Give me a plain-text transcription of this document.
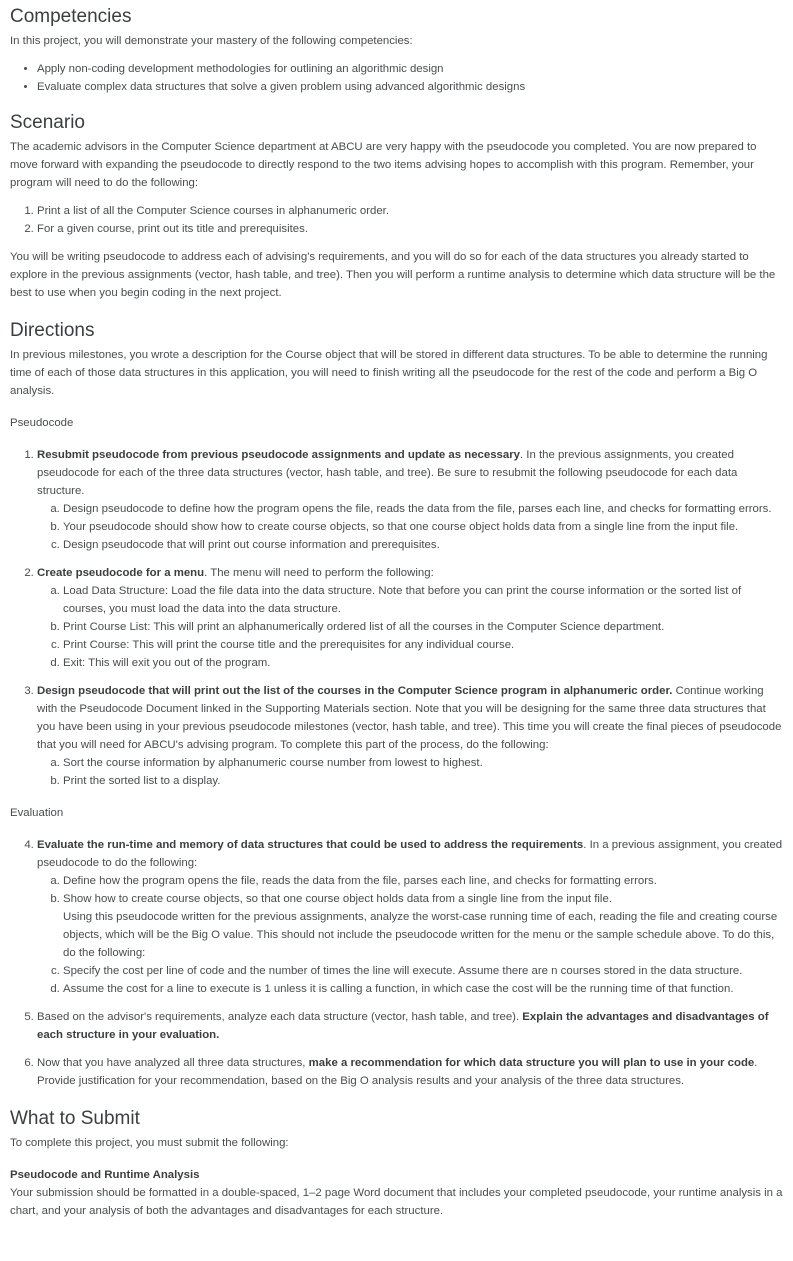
Competencies

In this project, you will demonstrate your mastery of the following competencies:

• Apply non-coding development methodologies for outlining an algorithmic design
• Evaluate complex data structures that solve a given problem using advanced algorithmic designs
Scenario

The academic advisors in the Computer Science department at ABCU are very happy with the pseudocode you completed. You are now prepared to move forward with expanding the pseudocode to directly respond to the two items advising hopes to accomplish with this program. Remember, your program will need to do the following:

1. Print a list of all the Computer Science courses in alphanumeric order.
2. For a given course, print out its title and prerequisites.

You will be writing pseudocode to address each of advising's requirements, and you will do so for each of the data structures you already started to explore in the previous assignments (vector, hash table, and tree). Then you will perform a runtime analysis to determine which data structure will be the best to use when you begin coding in the next project.

Directions

In previous milestones, you wrote a description for the Course object that will be stored in different data structures. To be able to determine the running time of each of those data structures in this application, you will need to finish writing all the pseudocode for the rest of the code and perform a Big O analysis.

Pseudocode

1. Resubmit pseudocode from previous pseudocode assignments and update as necessary. In the previous assignments, you created pseudocode for each of the three data structures (vector, hash table, and tree). Be sure to resubmit the following pseudocode for each data structure.
a. Design pseudocode to define how the program opens the file, reads the data from the file, parses each line, and checks for formatting errors.
b. Your pseudocode should show how to create course objects, so that one course object holds data from a single line from the input file.
c. Design pseudocode that will print out course information and prerequisites.
2. Create pseudocode for a menu. The menu will need to perform the following:
a. Load Data Structure: Load the file data into the data structure. Note that before you can print the course information or the sorted list of courses, you must load the data into the data structure.
b. Print Course List: This will print an alphanumerically ordered list of all the courses in the Computer Science department.
c. Print Course: This will print the course title and the prerequisites for any individual course.
d. Exit: This will exit you out of the program.
3. Design pseudocode that will print out the list of the courses in the Computer Science program in alphanumeric order. Continue working with the Pseudocode Document linked in the Supporting Materials section. Note that you will be designing for the same three data structures that you have been using in your previous pseudocode milestones (vector, hash table, and tree). This time you will create the final pieces of pseudocode that you will need for ABCU's advising program. To complete this part of the process, do the following:
a. Sort the course information by alphanumeric course number from lowest to highest.
b. Print the sorted list to a display.

Evaluation

4. Evaluate the run-time and memory of data structures that could be used to address the requirements. In a previous assignment, you created pseudocode to do the following:
a. Define how the program opens the file, reads the data from the file, parses each line, and checks for formatting errors.
b. Show how to create course objects, so that one course object holds data from a single line from the input file.
Using this pseudocode written for the previous assignments, analyze the worst-case running time of each, reading the file and creating course objects, which will be the Big O value. This should not include the pseudocode written for the menu or the sample schedule above. To do this, do the following:
c. Specify the cost per line of code and the number of times the line will execute. Assume there are n courses stored in the data structure.
d. Assume the cost for a line to execute is 1 unless it is calling a function, in which case the cost will be the running time of that function.
5. Based on the advisor's requirements, analyze each data structure (vector, hash table, and tree). Explain the advantages and disadvantages of each structure in your evaluation.
6. Now that you have analyzed all three data structures, make a recommendation for which data structure you will plan to use in your code. Provide justification for your recommendation, based on the Big O analysis results and your analysis of the three data structures.
What to Submit

To complete this project, you must submit the following:

Pseudocode and Runtime Analysis

Your submission should be formatted in a double-spaced, 1–2 page Word document that includes your completed pseudocode, your runtime analysis in a chart, and your analysis of both the advantages and disadvantages for each structure.
